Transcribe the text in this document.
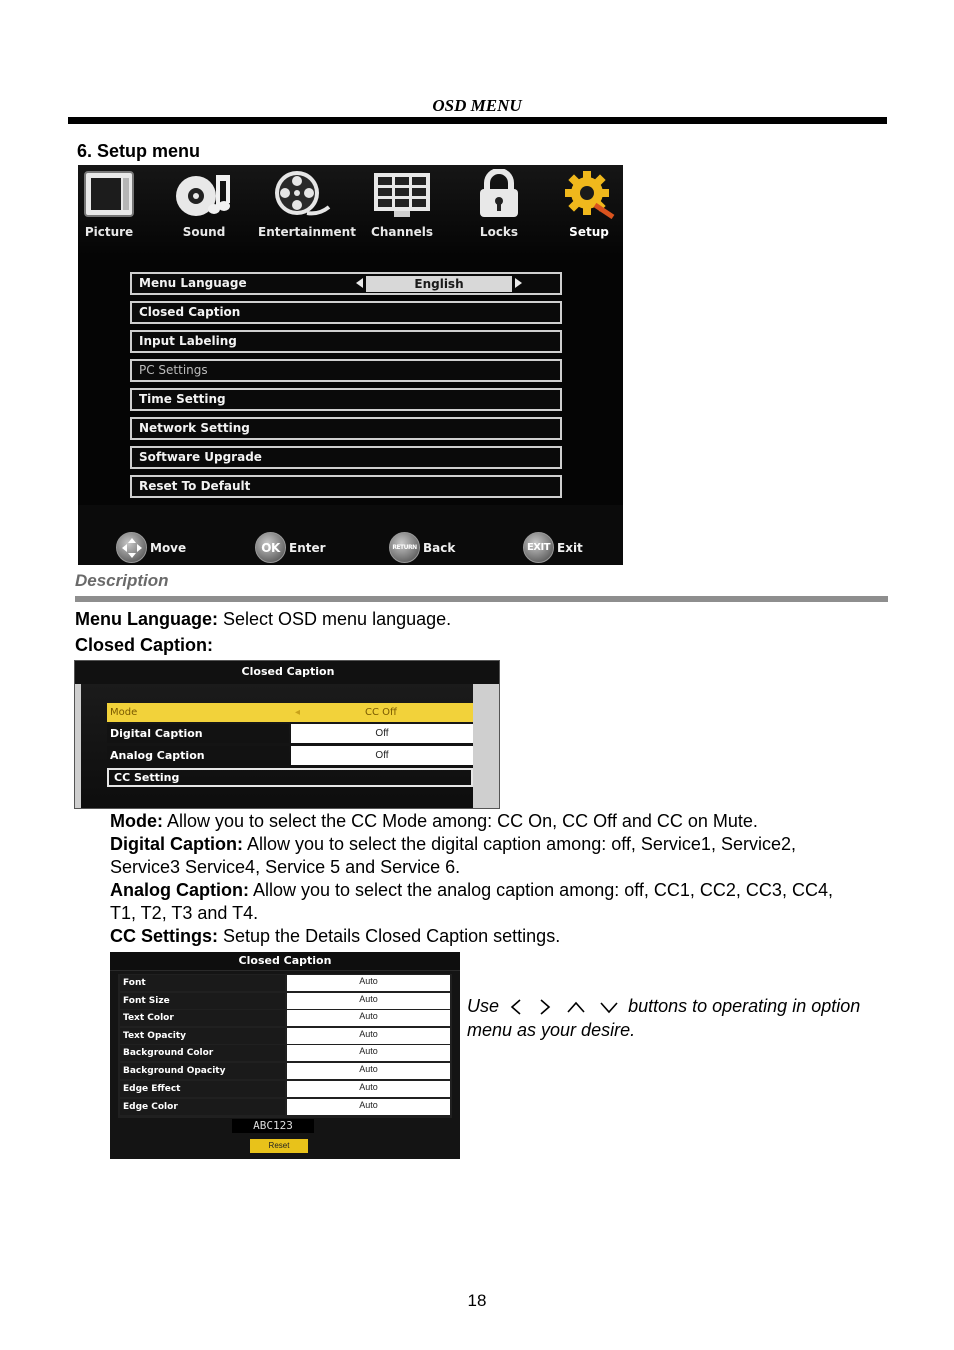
OSD MENU
6. Setup menu
Picture	Sound	Entertainment	Channels	Locks	Setup
Menu Language	English
Closed Caption
Input Labeling
PC Settings
Time Setting
Network Setting
Software Upgrade
Reset To Default
Move	OK Enter	RETURN Back	EXIT Exit
Description
Menu Language: Select OSD menu language.
Closed Caption:
Closed Caption
Mode	◂	CC Off
Digital Caption	Off
Analog Caption	Off
CC Setting
Mode: Allow you to select the CC Mode among: CC On, CC Off and CC on Mute.
Digital Caption: Allow you to select the digital caption among: off, Service1, Service2,
Service3 Service4, Service 5 and Service 6.
Analog Caption: Allow you to select the analog caption among: off, CC1, CC2, CC3, CC4,
T1, T2, T3 and T4.
CC Settings: Setup the Details Closed Caption settings.
Closed Caption
Font	Auto
Font Size	Auto
Text Color	Auto
Text Opacity	Auto
Background Color	Auto
Background Opacity	Auto
Edge Effect	Auto
Edge Color	Auto
ABC123
Reset
Use	buttons to operating in option
menu as your desire.
18
